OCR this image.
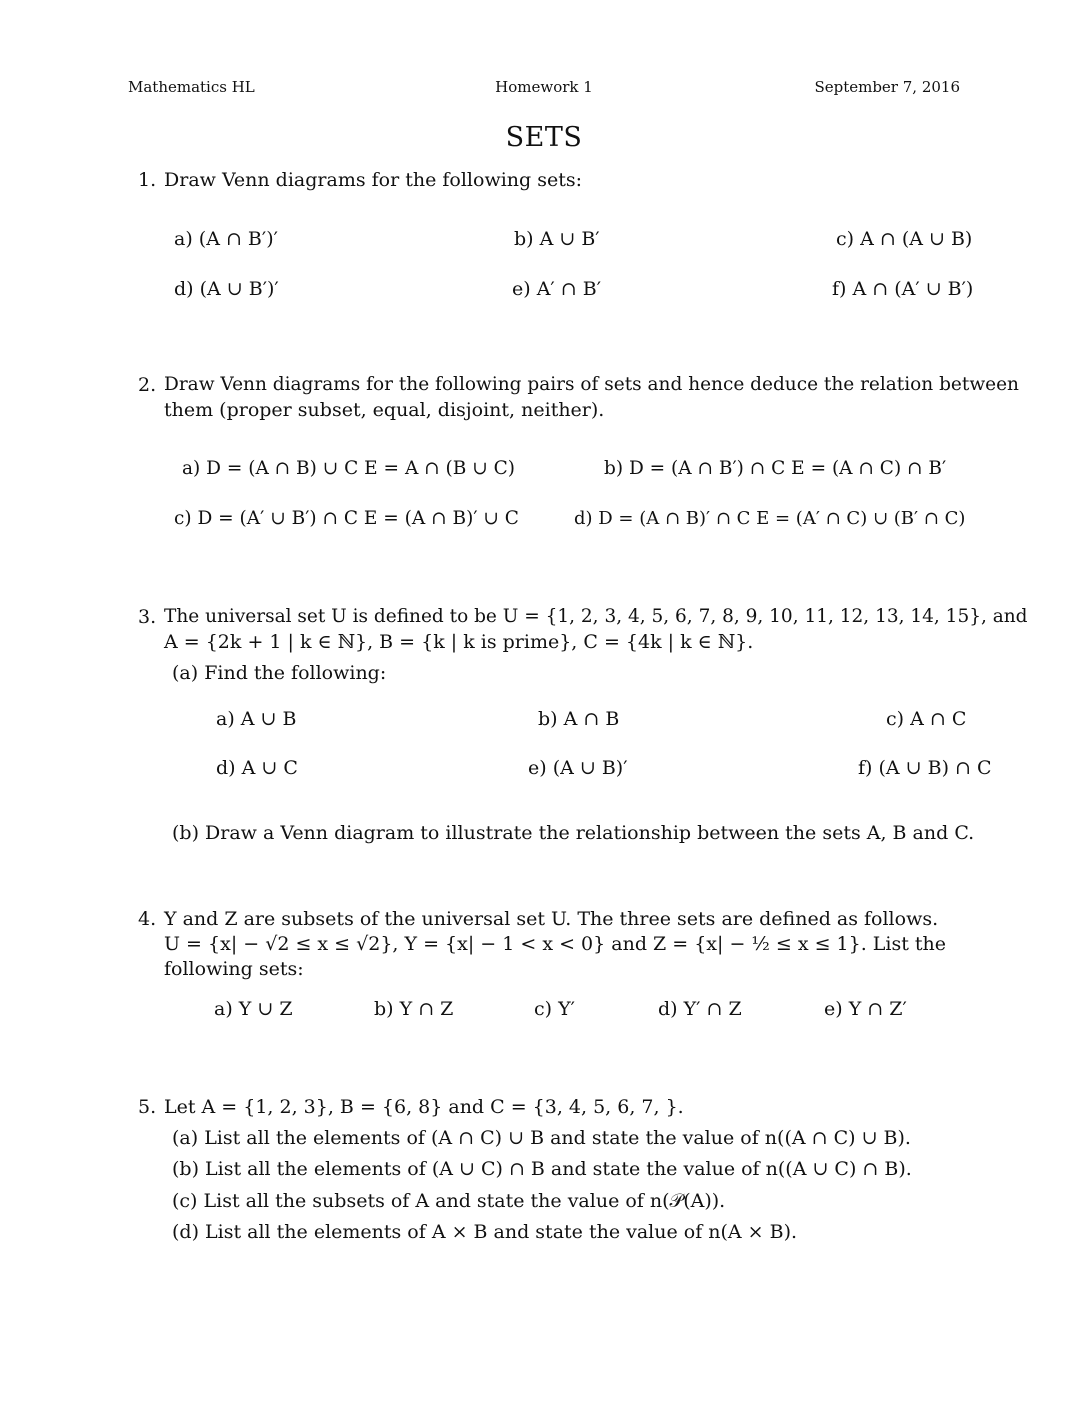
Mathematics HL	Homework 1	September 7, 2016
SETS
1. Draw Venn diagrams for the following sets:
a) (A ∩ B′)′	b) A ∪ B′	c) A ∩ (A ∪ B)
d) (A ∪ B′)′	e) A′ ∩ B′	f) A ∩ (A′ ∪ B′)
2. Draw Venn diagrams for the following pairs of sets and hence deduce the relation between
them (proper subset, equal, disjoint, neither).
a) D = (A ∩ B) ∪ C E = A ∩ (B ∪ C)	b) D = (A ∩ B′) ∩ C E = (A ∩ C) ∩ B′
c) D = (A′ ∪ B′) ∩ C E = (A ∩ B)′ ∪ C	d) D = (A ∩ B)′ ∩ C E = (A′ ∩ C) ∪ (B′ ∩ C)
3. The universal set U is defined to be U = {1, 2, 3, 4, 5, 6, 7, 8, 9, 10, 11, 12, 13, 14, 15}, and
A = {2k + 1 | k ∈ ℕ}, B = {k | k is prime}, C = {4k | k ∈ ℕ}.
(a) Find the following:
a) A ∪ B	b) A ∩ B	c) A ∩ C
d) A ∪ C	e) (A ∪ B)′	f) (A ∪ B) ∩ C
(b) Draw a Venn diagram to illustrate the relationship between the sets A, B and C.
4. Y and Z are subsets of the universal set U. The three sets are defined as follows.
U = {x| − √2 ≤ x ≤ √2}, Y = {x| − 1 < x < 0} and Z = {x| − ½ ≤ x ≤ 1}. List the
following sets:
a) Y ∪ Z	b) Y ∩ Z	c) Y′	d) Y′ ∩ Z	e) Y ∩ Z′
5. Let A = {1, 2, 3}, B = {6, 8} and C = {3, 4, 5, 6, 7, }.
(a) List all the elements of (A ∩ C) ∪ B and state the value of n((A ∩ C) ∪ B).
(b) List all the elements of (A ∪ C) ∩ B and state the value of n((A ∪ C) ∩ B).
(c) List all the subsets of A and state the value of n(𝒫(A)).
(d) List all the elements of A × B and state the value of n(A × B).
